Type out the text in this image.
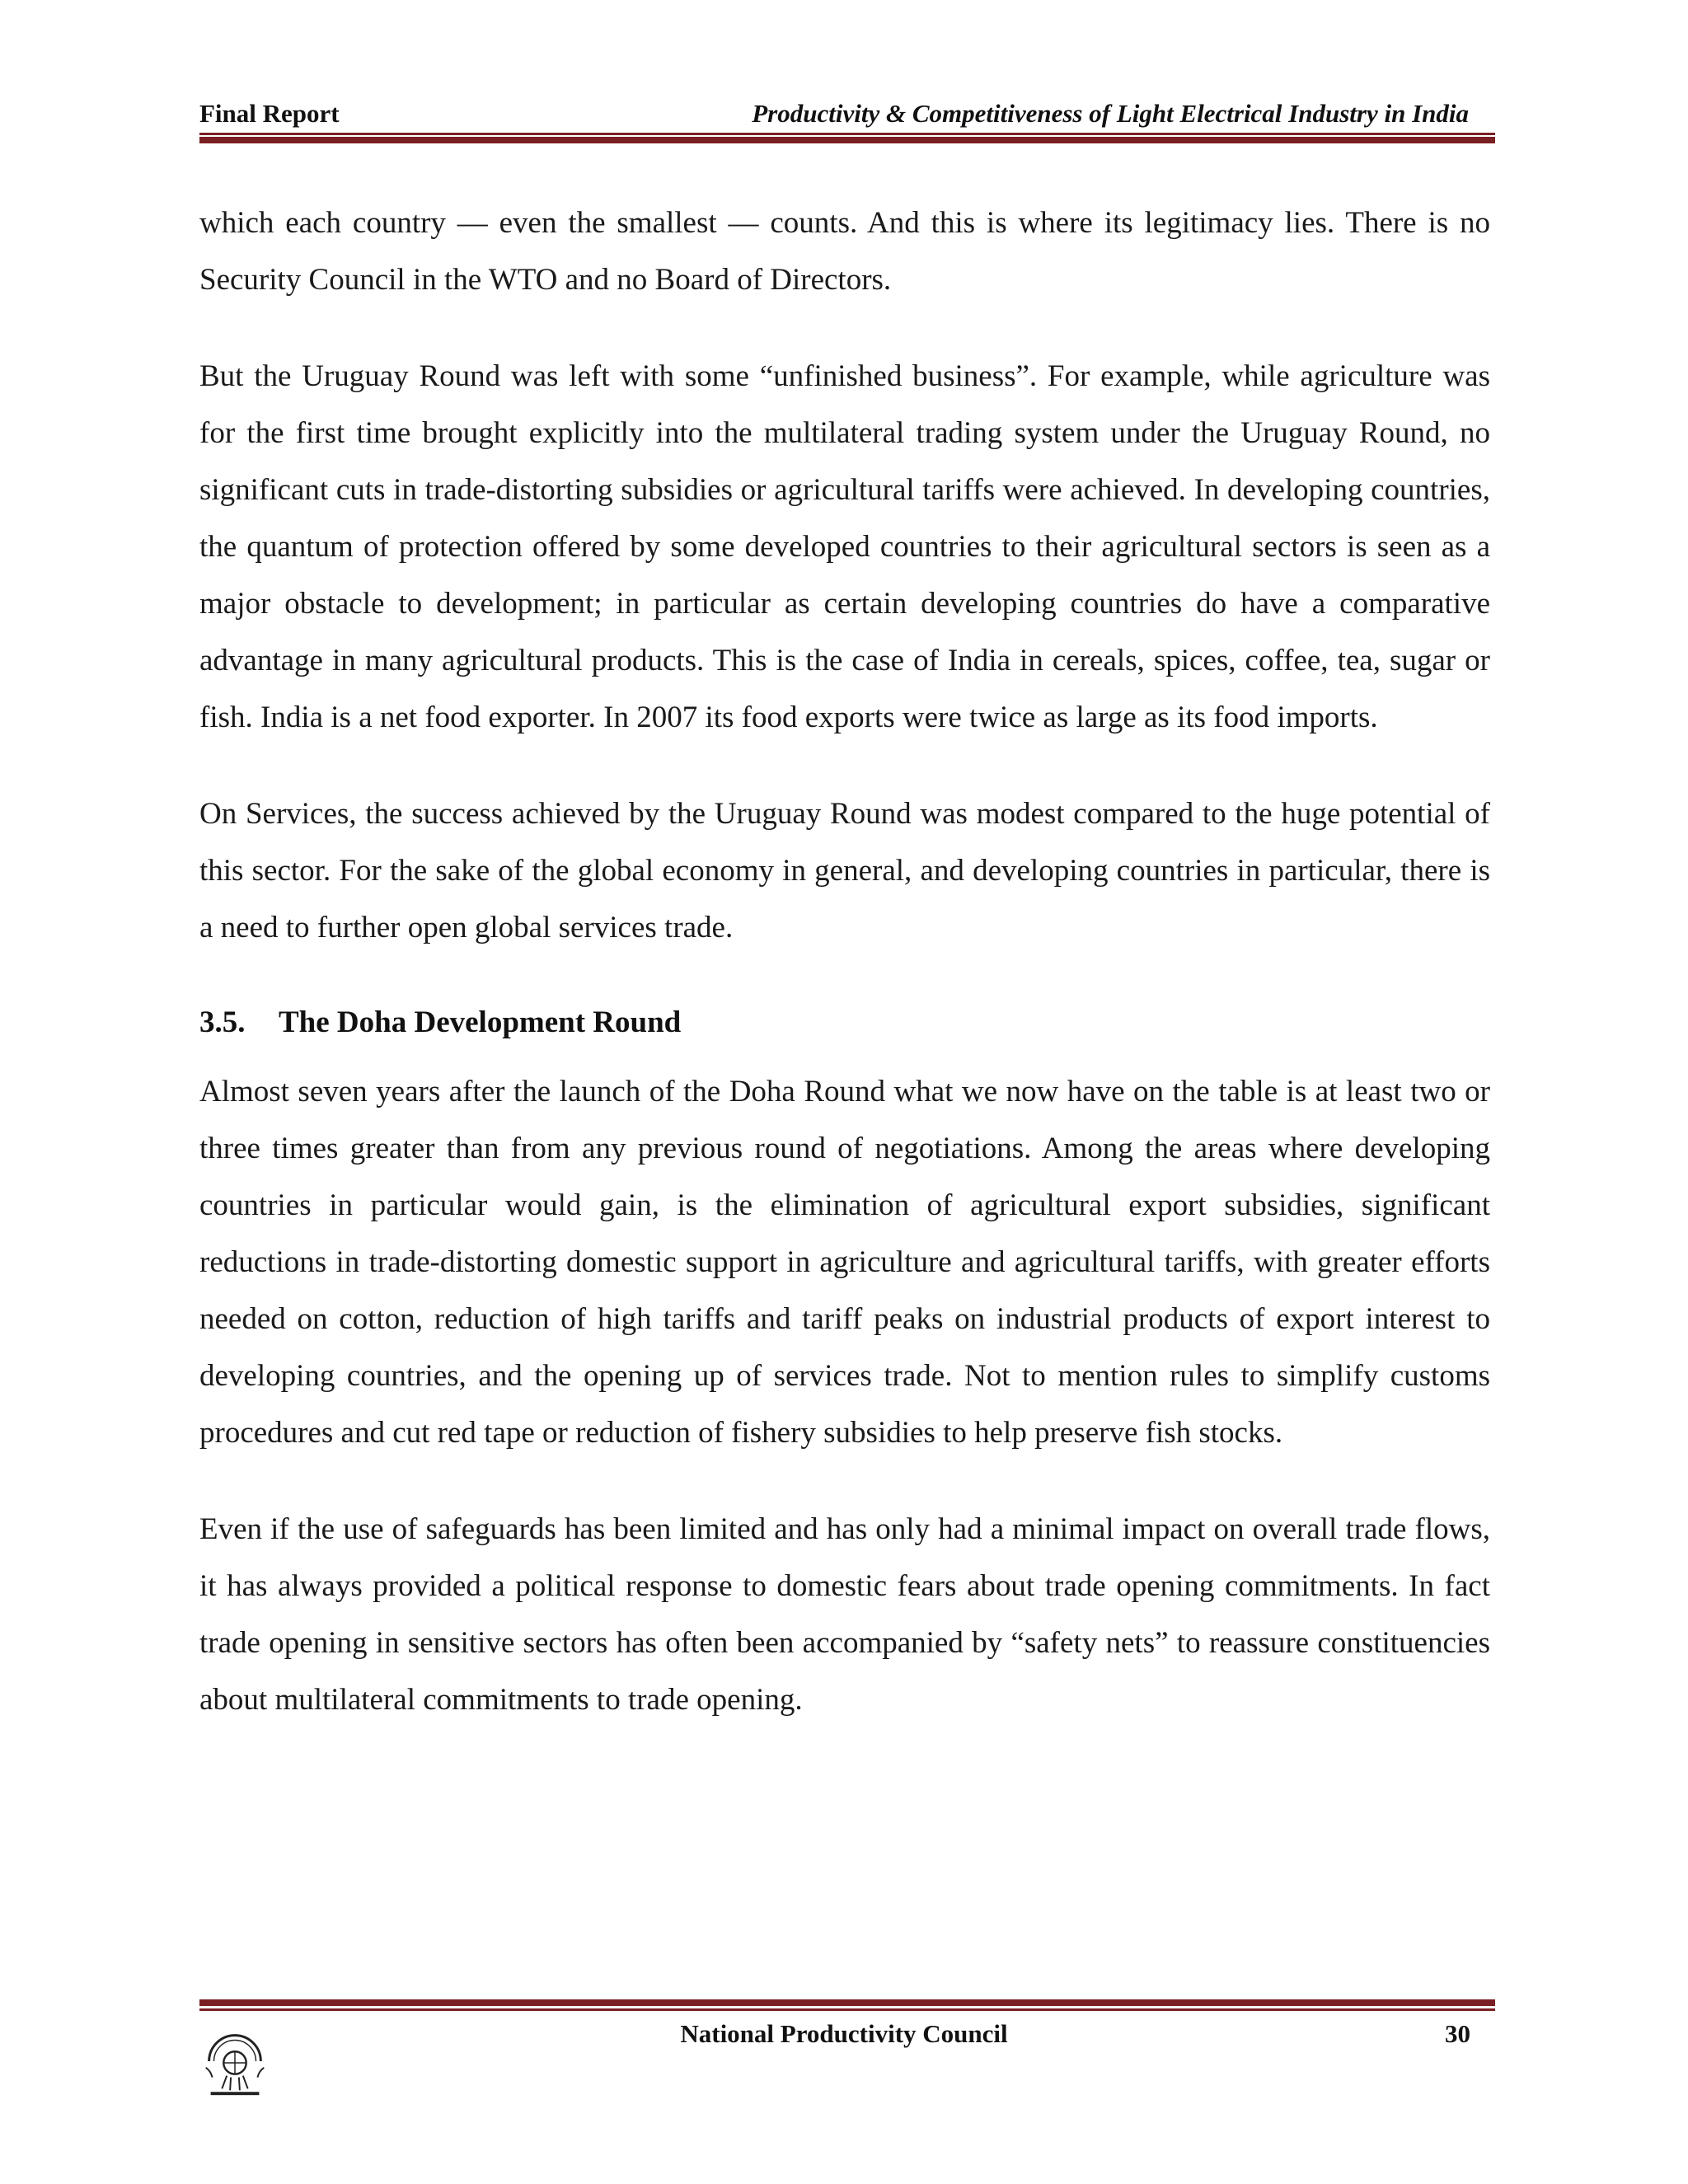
Final Report	Productivity & Competitiveness of Light Electrical Industry in India

which each country — even the smallest — counts. And this is where its legitimacy lies. There is no Security Council in the WTO and no Board of Directors.

But the Uruguay Round was left with some “unfinished business”. For example, while agriculture was for the first time brought explicitly into the multilateral trading system under the Uruguay Round, no significant cuts in trade-distorting subsidies or agricultural tariffs were achieved. In developing countries, the quantum of protection offered by some developed countries to their agricultural sectors is seen as a major obstacle to development; in particular as certain developing countries do have a comparative advantage in many agricultural products. This is the case of India in cereals, spices, coffee, tea, sugar or fish. India is a net food exporter. In 2007 its food exports were twice as large as its food imports.

On Services, the success achieved by the Uruguay Round was modest compared to the huge potential of this sector. For the sake of the global economy in general, and developing countries in particular, there is a need to further open global services trade.

3.5. The Doha Development Round

Almost seven years after the launch of the Doha Round what we now have on the table is at least two or three times greater than from any previous round of negotiations. Among the areas where developing countries in particular would gain, is the elimination of agricultural export subsidies, significant reductions in trade-distorting domestic support in agriculture and agricultural tariffs, with greater efforts needed on cotton, reduction of high tariffs and tariff peaks on industrial products of export interest to developing countries, and the opening up of services trade. Not to mention rules to simplify customs procedures and cut red tape or reduction of fishery subsidies to help preserve fish stocks.

Even if the use of safeguards has been limited and has only had a minimal impact on overall trade flows, it has always provided a political response to domestic fears about trade opening commitments. In fact trade opening in sensitive sectors has often been accompanied by “safety nets” to reassure constituencies about multilateral commitments to trade opening.

National Productivity Council	30
